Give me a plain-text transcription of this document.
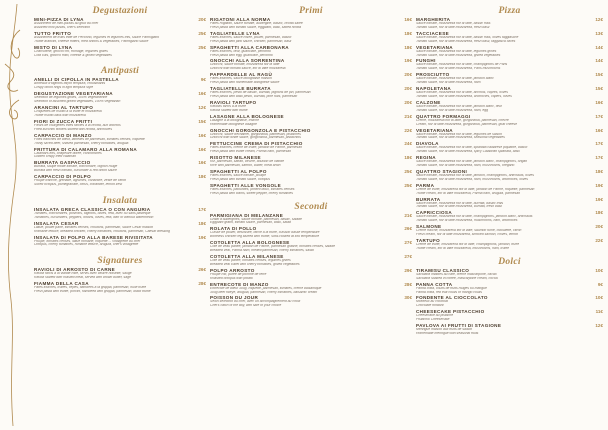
Degustazioni
MINI-PIZZA DI LYNA	20€
Assortment de mini-pizzas au goût du chef
Assorted mini pizzas, chef's selection
TUTTO FRITTO	25€
Assortiment de fruits fritte de Pecorino, légumes et légumes frits, sauce Parmigiano
Truffle arancini, cheese fritters, fried onions & vegetables, Parmigiano sauce
MISTO DI LYNA	25€
Charcuterie, gnocco frit, fromage, légumes grillés
Cold cuts, gnocco fritto, cheese & grilled vegetables
Antipasti
ANELLI DI CIPOLLA IN PASTELLA	9€
Anneaux d'oignons façon tempura, croustillants
Crispy onion rings in light tempura style
DEGUSTAZIONE VEGETARIANA	16€
Sélection de légumes grillés, 100% végétarienne
Selection of assorted grilled vegetables, 100% vegetarian
ARANCINI AL TARTUFO	12€
Croquettes de risotto à la truffe et mozzarella
Truffle risotto balls with mozzarella
FIORI DI ZUCCA FRITTI	15€
Fleurs de courgettes frites farcies à la ricotta, aux anchois
Fried zucchini flowers stuffed with ricotta, anchovies
CARPACCIO DI MANZO	16€
Fines tranches de bœuf, lamelles de parmesan, tomates cerises, roquette
Thinly sliced beef, shaved parmesan, cherry tomatoes, arugula
FRITTURA DI CALAMARO ALLA ROMANA	16€
Calamars frits, chapelure dorée, concombres
Golden crispy fried calamari
BURRATA GASPACCIO	16€
Burrata, soupe froide tomate, concombre, oignon rouge
Burrata with fresh tomato, cucumber & red onion sauce
CARPACCIO DI POLPO	18€
Poulpe tranché, grenade, agrumes, coriandre, zeste de citron
Sliced octopus, pomegranate, citrus, coriander, lemon zest
Insalata
INSALATA GRECA CLASSICA O CON ANGURIA	17€
Tomates, concombres, poivrons, oignons, olives, feta, avec ou sans pastèque
Tomatoes, cucumbers, peppers, onions, olives, feta, with or without watermelon
INSALATA CESAR	18€
Laitue, poulet pané, tomates cerises, croûtons, parmesan, sauce César maison
Romaine lettuce, breaded chicken, cherry tomatoes, croutons, parmesan, Caesar dressing
INSALATA DI POLPO ALLA BARESE RIVISITATA	19€
Poulpe, tomates cerises, laitue romaine, roquette ... vinaigrette du chef
Octopus, cherry tomatoes, romaine lettuce, arugula, chef's vinaigrette
Signatures
RAVIOLI DI ARROSTO DI CARNE	26€
Ravioli farcis à la viande rôtie, servis avec beurre noisette, sauge
Ravioli stuffed with roasted meat, served with brown butter, sage
FIAMMA DELLA CASA	28€
Pâtes fraîches, truffes, cèpes, flambées à la grappa, parmesan, huile truffe
Fresh pasta with truffle, porcini, flambéed with grappa, parmesan, black truffle
Primi
RIGATONI ALLA NORMA	16€
Pâtes Rigatoni, sauce tomate, aubergine, basilic, ricotta salée
Fresh pasta with tomato sauce, eggplant, basil, salted ricotta
TAGLIATELLE LYNA	18€
Pâtes fraîches, sauce rosée, poulet, parmesan, basilic
Fresh pasta with pink sauce, chicken, parmesan, basil
SPAGHETTI ALLA CARBONARA	18€
Pâtes fraîches, œuf, guanciale, pecorino
Fresh pasta with egg, guanciale, pecorino
GNOCCHI ALLA SORRENTINA	19€
Gnocchi, sauce tomate, mozzarella fior di latte
Gnocchi with tomato sauce, fior di latte mozzarella
PAPPARDELLE AL RAGÙ	20€
Pâtes fraîches, sauce bolognaise maison
Fresh pasta with homemade bolognese sauce
TAGLIATELLE BURRATA	20€
Pâtes fraîches, pesto de basilic, burrata, pignons de pin, parmesan
Fresh pasta with basil pesto, burrata, pine nuts, parmesan
RAVIOLI TARTUFO	20€
Raviolis farcis à la truffe
Ravioli stuffed with truffle
LASAGNE ALLA BOLOGNESE	21€
Lasagne à la bolognaise, fraîche
Homemade bolognese lasagne
GNOCCHI GORGONZOLA E PISTACCHIO	22€
Gnocchi, sauce béchamel, gorgonzola, parmesan, pistaches
Gnocchi with white sauce, gorgonzola, parmesan, pistachios
FETTUCCINE CREMA DI PISTACCHIO	24€
Pâtes fraîches, crème de truffe, jambon de Parme, parmesan
Fresh pasta with truffle cream, Parma ham, parmesan
RISOTTO MILANESE	18€
Riz, parmesan, safran, beurre, bouillon de viande
Rice with parmesan, saffron, butter, meat broth
SPAGHETTI AL POLPO	25€
Pâtes fraîches, sauce tomate, poulpe
Fresh pasta with tomato sauce, octopus
SPAGHETTI ALLE VONGOLE	25€
Pâtes fraîches, palourdes, piment doux, tomates cerises
Fresh pasta with clams, sweet pepper, cherry tomatoes
Secondi
PARMIGIANA DI MELANZANE	21€
Gratin d'aubergines, sauce tomate, parmesan, basilic, salade
Eggplant gratin, tomato sauce, parmesan, basil, salad
ROLATA DI POLLO	26€
Cuisse de poulet, désossée, farcie à la truffe, cuisson basse température
Boneless chicken leg stuffed with truffle, slow-cooked at low temperature
COTOLETTA ALLA BOLOGNESE	27€
Côte de veau panée, jambon de Parme, parmesan gratiné, tomates cerises, salade
Breaded veal, Parma ham, melted parmesan, cherry tomatoes, salad
COTOLETTA ALLA MILANESE	27€
Côte de veau panée, tomates cerises, légumes grillés
Breaded veal cutlet with cherry tomatoes, grilled vegetables
POLPO ARROSTO	29€
Poulpe rôti, purée de pomme de terre
Roasted octopus with potato
ENTRECOTE DI MANZO	28€
Entrecôte de bœuf 300g, roquette, parmesan, tomates, crème balsamique
300g beef ribeye, arugula, parmesan, cherry tomatoes, balsamic cream
POISSON DU JOUR	30€
Selon sélection du chef, avec un accompagnement au choix
Chef's catch of the day, with side of your choice
Pizza
MARGHERITA	12€
Sauce tomate, mozzarella fior di latte, basilic frais
Tomato sauce, fior di latte mozzarella, fresh basil
TACCIACESE	13€
Sauce tomate, mozzarella fior di latte, basilic frais, olives taggiasche
Tomato sauce, fior di latte mozzarella, fresh basil, taggiasca olives
VEGETARIANA	14€
Sauce tomate, mozzarella fior di latte, légumes grillés
Tomato sauce, fior di latte mozzarella, grilled vegetables
FUNGHI	14€
Sauce tomate, mozzarella fior di latte, champignons de Paris
Tomato sauce, fior di latte mozzarella, Paris mushrooms
PROSCIUTTO	15€
Sauce tomate, mozzarella fior di latte, jambon blanc
Tomato sauce, fior di latte mozzarella, ham
NAPOLETANA	15€
Sauce tomate, mozzarella fior di latte, anchois, câpres, olives
Tomato sauce, fior di latte mozzarella, anchovies, capers, olives
CALZONE	16€
Sauce tomate, mozzarella fior di latte, jambon blanc, œuf
Tomato sauce, fior di latte mozzarella, ham, egg
QUATTRO FORMAGGI	17€
Crème, mozzarella fior di latte, gorgonzola, parmesan, chèvre
Cream, fior di latte mozzarella, gorgonzola, parmesan, goat cheese
VEGETARIANA	16€
Sauce tomate, mozzarella fior di latte, légumes de saison
Tomato sauce, fior di latte mozzarella, seasonal vegetables
DIAVOLA	17€
Sauce tomate, mozzarella fior di latte, spianata calabrese piquante, basilic
Tomato sauce, fior di latte mozzarella, spicy Calabrian spianata, basil
REGINA	17€
Sauce tomate, mozzarella fior di latte, jambon blanc, champignons, origan
Tomato sauce, fior di latte mozzarella, ham, mushrooms, oregano
QUATTRO STAGIONI	18€
Sauce tomate, mozzarella fior di latte, jambon, champignons, artichauts, olives
Tomato sauce, fior di latte mozzarella, ham, mushrooms, artichokes, olives
PARMA	19€
Crème de truffe, mozzarella fior di latte, jambon de Parme, roquette, parmesan
Truffle cream, fior di latte mozzarella, Parma ham, arugula, parmesan
BURRATA	19€
Sauce tomate, mozzarella fior di latte, burrata, basilic frais
Tomato sauce, fior di latte mozzarella, burrata, fresh basil
CAPRICCIOSA	18€
Sauce tomate, mozzarella fior di latte, champignons, jambon blanc, artichauts
Tomato sauce, fior di latte mozzarella, mushrooms, ham, artichokes
SALMONE	20€
Crème fraîche, mozzarella fior di latte, saumon fumé, ciboulette, citron
Fresh cream, fior di latte mozzarella, smoked salmon, chives, lemon
TARTUFO	22€
Crème de truffe, mozzarella fior di latte, champignons, jambon, truffe
Truffle cream, fior di latte mozzarella, mushrooms, ham, truffle
Dolci
TIRAMISU CLASSICO	10€
Savoiardi imbibés au café, crème mascarpone, cacao
Savoiardi soaked in coffee, mascarpone cream, cocoa
PANNA COTTA	9€
Panna cotta, coulis de fruits rouges ou mangue
Panna cotta, red fruit coulis or mango coulis
FONDENTE AL CIOCCOLATO	10€
Moelleux au chocolat
Chocolate fondant
CHEESECAKE PISTACCHIO	11€
Cheesecake au pistache
Pistachio Cheesecake
PAVLOVA AI FRUTTI DI STAGIONE	12€
Meringue maison aux fruits de saison
Homemade meringue with seasonal fruits
